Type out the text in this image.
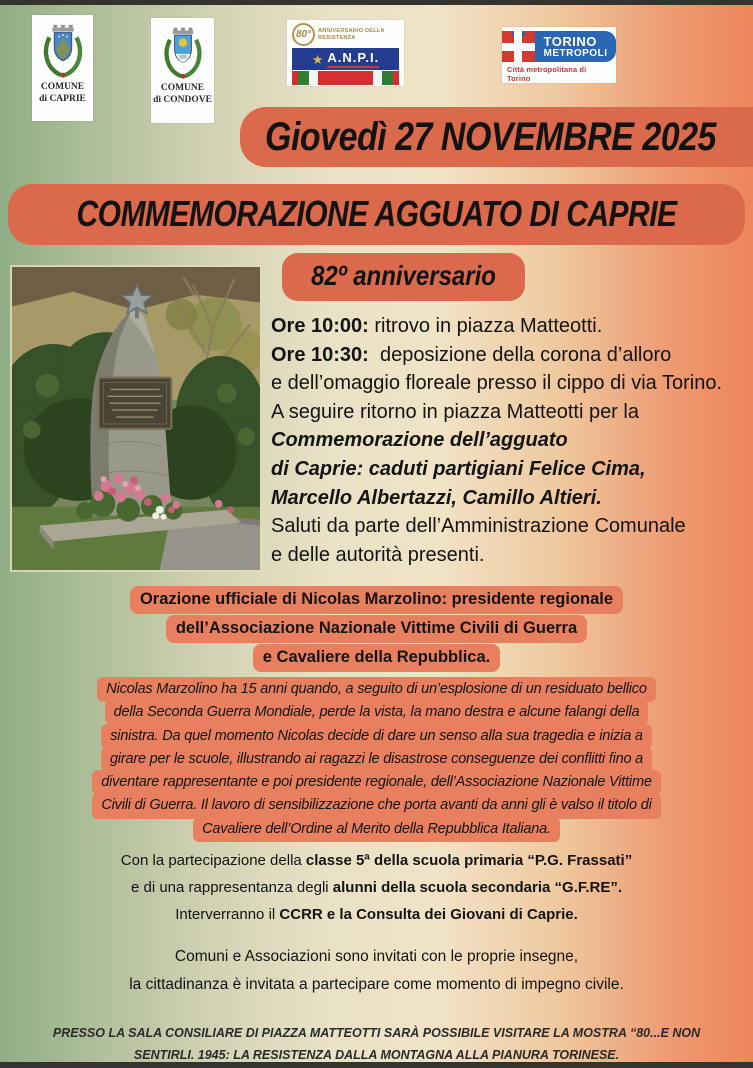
COMUNE
di CAPRIE
COMUNE
di CONDOVE
80°	ANNIVERSARIO DELLA RESISTENZA
★ A.N.P.I.
TORINO
METROPOLI
Città metropolitana di Torino
Giovedì 27 NOVEMBRE 2025
COMMEMORAZIONE AGGUATO DI CAPRIE
82º anniversario
Ore 10:00: ritrovo in piazza Matteotti.
Ore 10:30:  deposizione della corona d’alloro
e dell’omaggio floreale presso il cippo di via Torino.
A seguire ritorno in piazza Matteotti per la
Commemorazione dell’agguato
di Caprie: caduti partigiani Felice Cima,
Marcello Albertazzi, Camillo Altieri.
Saluti da parte dell’Amministrazione Comunale
e delle autorità presenti.
Orazione ufficiale di Nicolas Marzolino: presidente regionale
dell’Associazione Nazionale Vittime Civili di Guerra
e Cavaliere della Repubblica.
Nicolas Marzolino ha 15 anni quando, a seguito di un’esplosione di un residuato bellico
della Seconda Guerra Mondiale, perde la vista, la mano destra e alcune falangi della
sinistra. Da quel momento Nicolas decide di dare un senso alla sua tragedia e inizia a
girare per le scuole, illustrando ai ragazzi le disastrose conseguenze dei conflitti fino a
diventare rappresentante e poi presidente regionale, dell’Associazione Nazionale Vittime
Civili di Guerra. Il lavoro di sensibilizzazione che porta avanti da anni gli è valso il titolo di
Cavaliere dell’Ordine al Merito della Repubblica Italiana.
Con la partecipazione della classe 5ª della scuola primaria “P.G. Frassati”
e di una rappresentanza degli alunni della scuola secondaria “G.F.RE”.
Interverranno il CCRR e la Consulta dei Giovani di Caprie.
Comuni e Associazioni sono invitati con le proprie insegne,
la cittadinanza è invitata a partecipare come momento di impegno civile.
PRESSO LA SALA CONSILIARE DI PIAZZA MATTEOTTI SARÀ POSSIBILE VISITARE LA MOSTRA “80...E NON
SENTIRLI. 1945: LA RESISTENZA DALLA MONTAGNA ALLA PIANURA TORINESE.
